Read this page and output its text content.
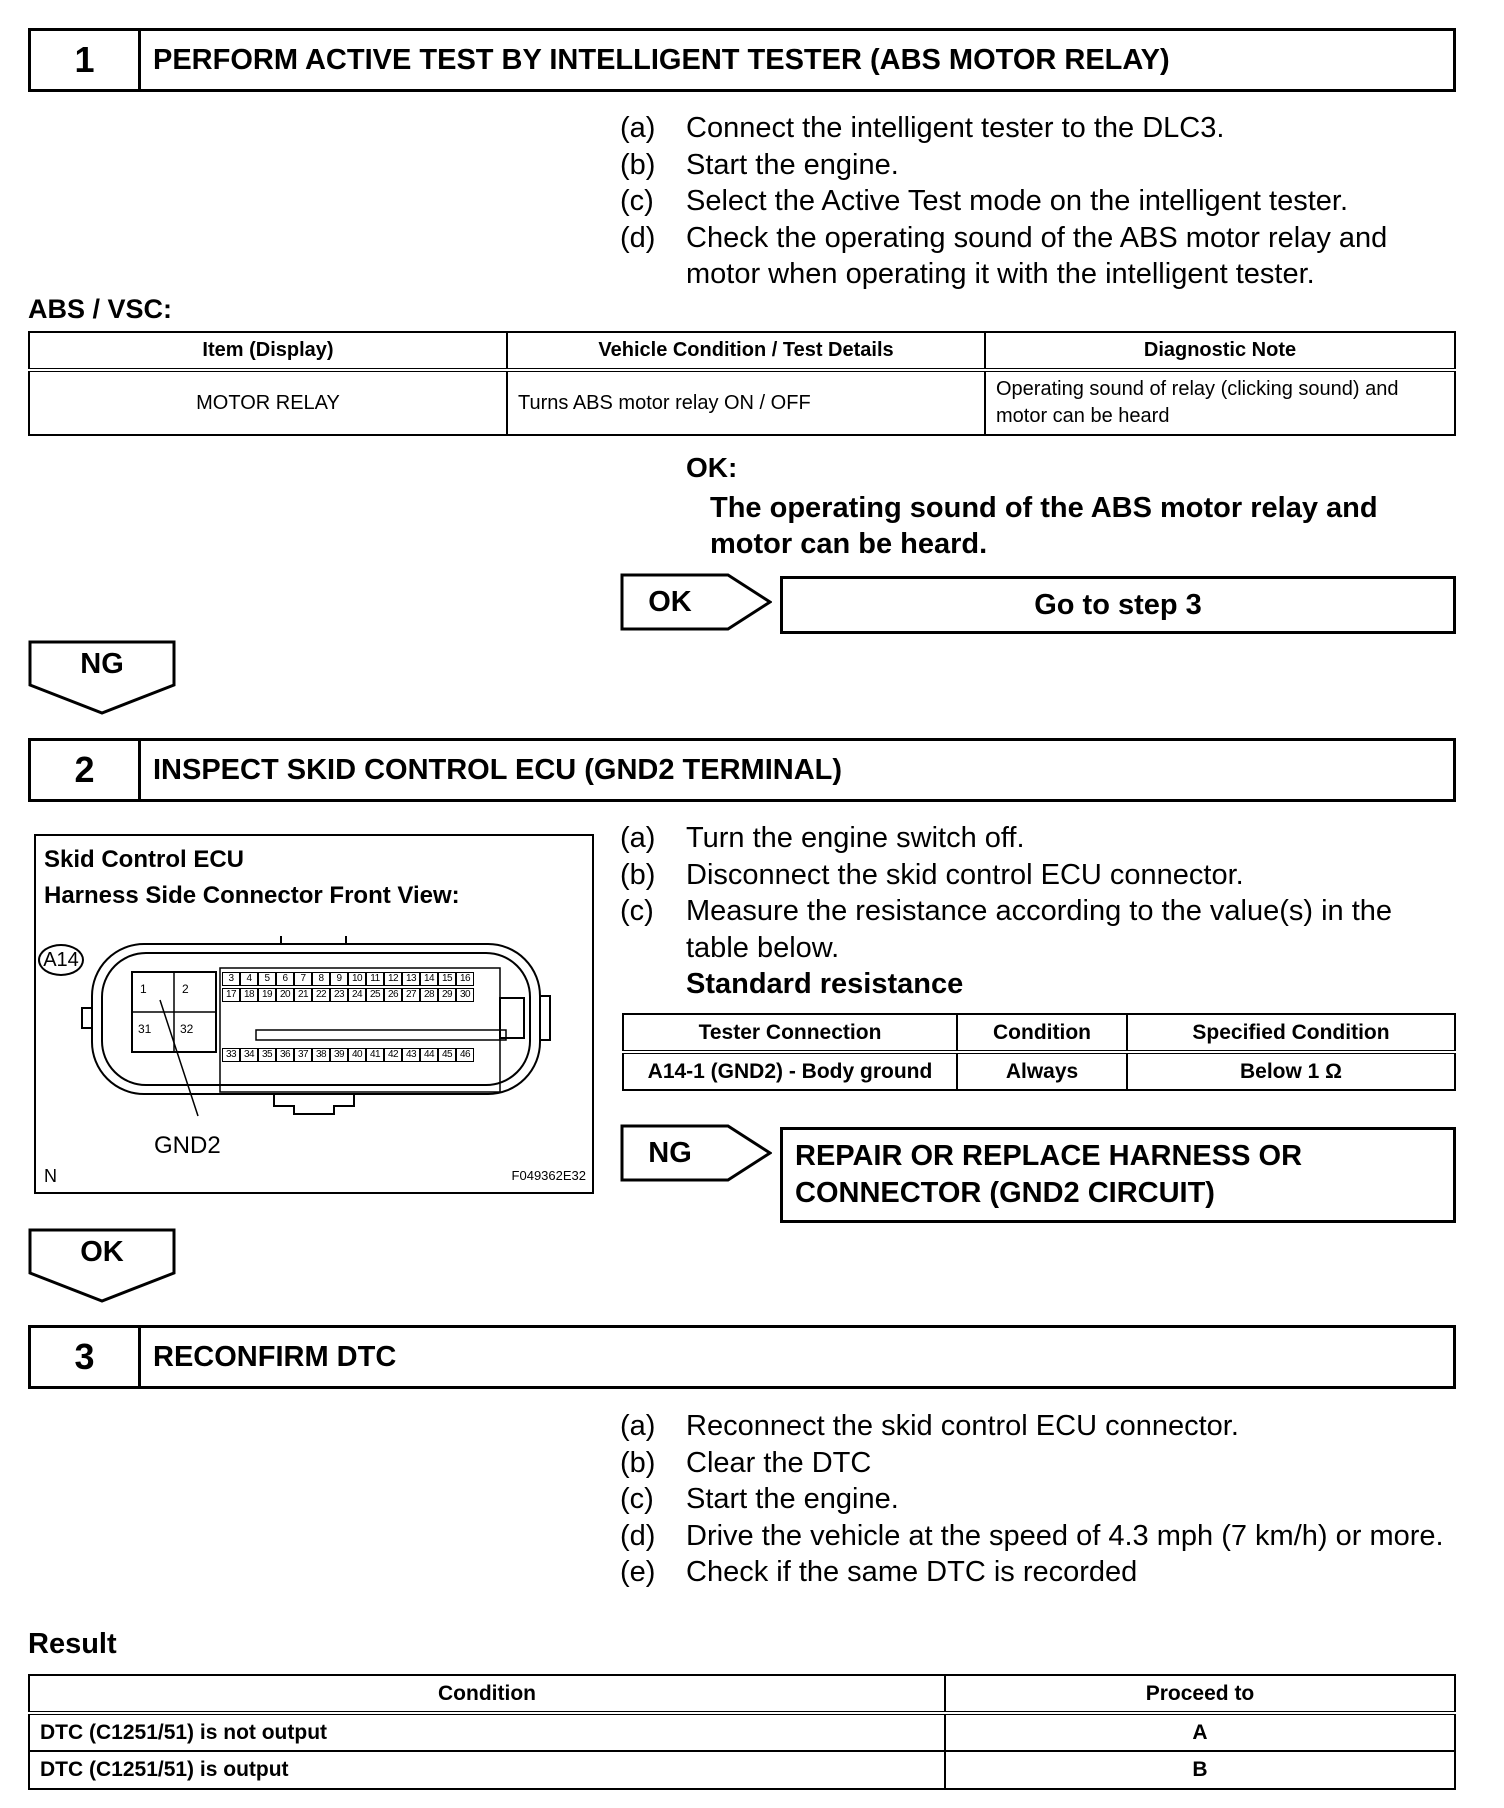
1	PERFORM ACTIVE TEST BY INTELLIGENT TESTER (ABS MOTOR RELAY)
(a)	Connect the intelligent tester to the DLC3.
(b)	Start the engine.
(c)	Select the Active Test mode on the intelligent tester.
(d)	Check the operating sound of the ABS motor relay and motor when operating it with the intelligent tester.
ABS / VSC:
Item (Display)	Vehicle Condition / Test Details	Diagnostic Note
MOTOR RELAY	Turns ABS motor relay ON / OFF	Operating sound of relay (clicking sound) and motor can be heard
OK:
The operating sound of the ABS motor relay and motor can be heard.
OK	Go to step 3
NG
2	INSPECT SKID CONTROL ECU (GND2 TERMINAL)
Skid Control ECU
Harness Side Connector Front View:
A14
1	2
31 32
3	4	5	6	7	8	9	10 11 12 13 14 15 16
17 18 19 20 21 22 23 24 25 26 27 28 29 30
33 34 35 36 37 38 39 40 41 42 43 44 45 46
GND2
N	F049362E32
(a)	Turn the engine switch off.
(b)	Disconnect the skid control ECU connector.
(c)	Measure the resistance according to the value(s) in the table below.
Standard resistance
Tester Connection	Condition	Specified Condition
A14-1 (GND2) - Body ground	Always	Below 1 Ω
NG	REPAIR OR REPLACE HARNESS OR CONNECTOR (GND2 CIRCUIT)
OK
3	RECONFIRM DTC
(a)	Reconnect the skid control ECU connector.
(b)	Clear the DTC
(c)	Start the engine.
(d)	Drive the vehicle at the speed of 4.3 mph (7 km/h) or more.
(e)	Check if the same DTC is recorded
Result
Condition	Proceed to
DTC (C1251/51) is not output	A
DTC (C1251/51) is output	B
